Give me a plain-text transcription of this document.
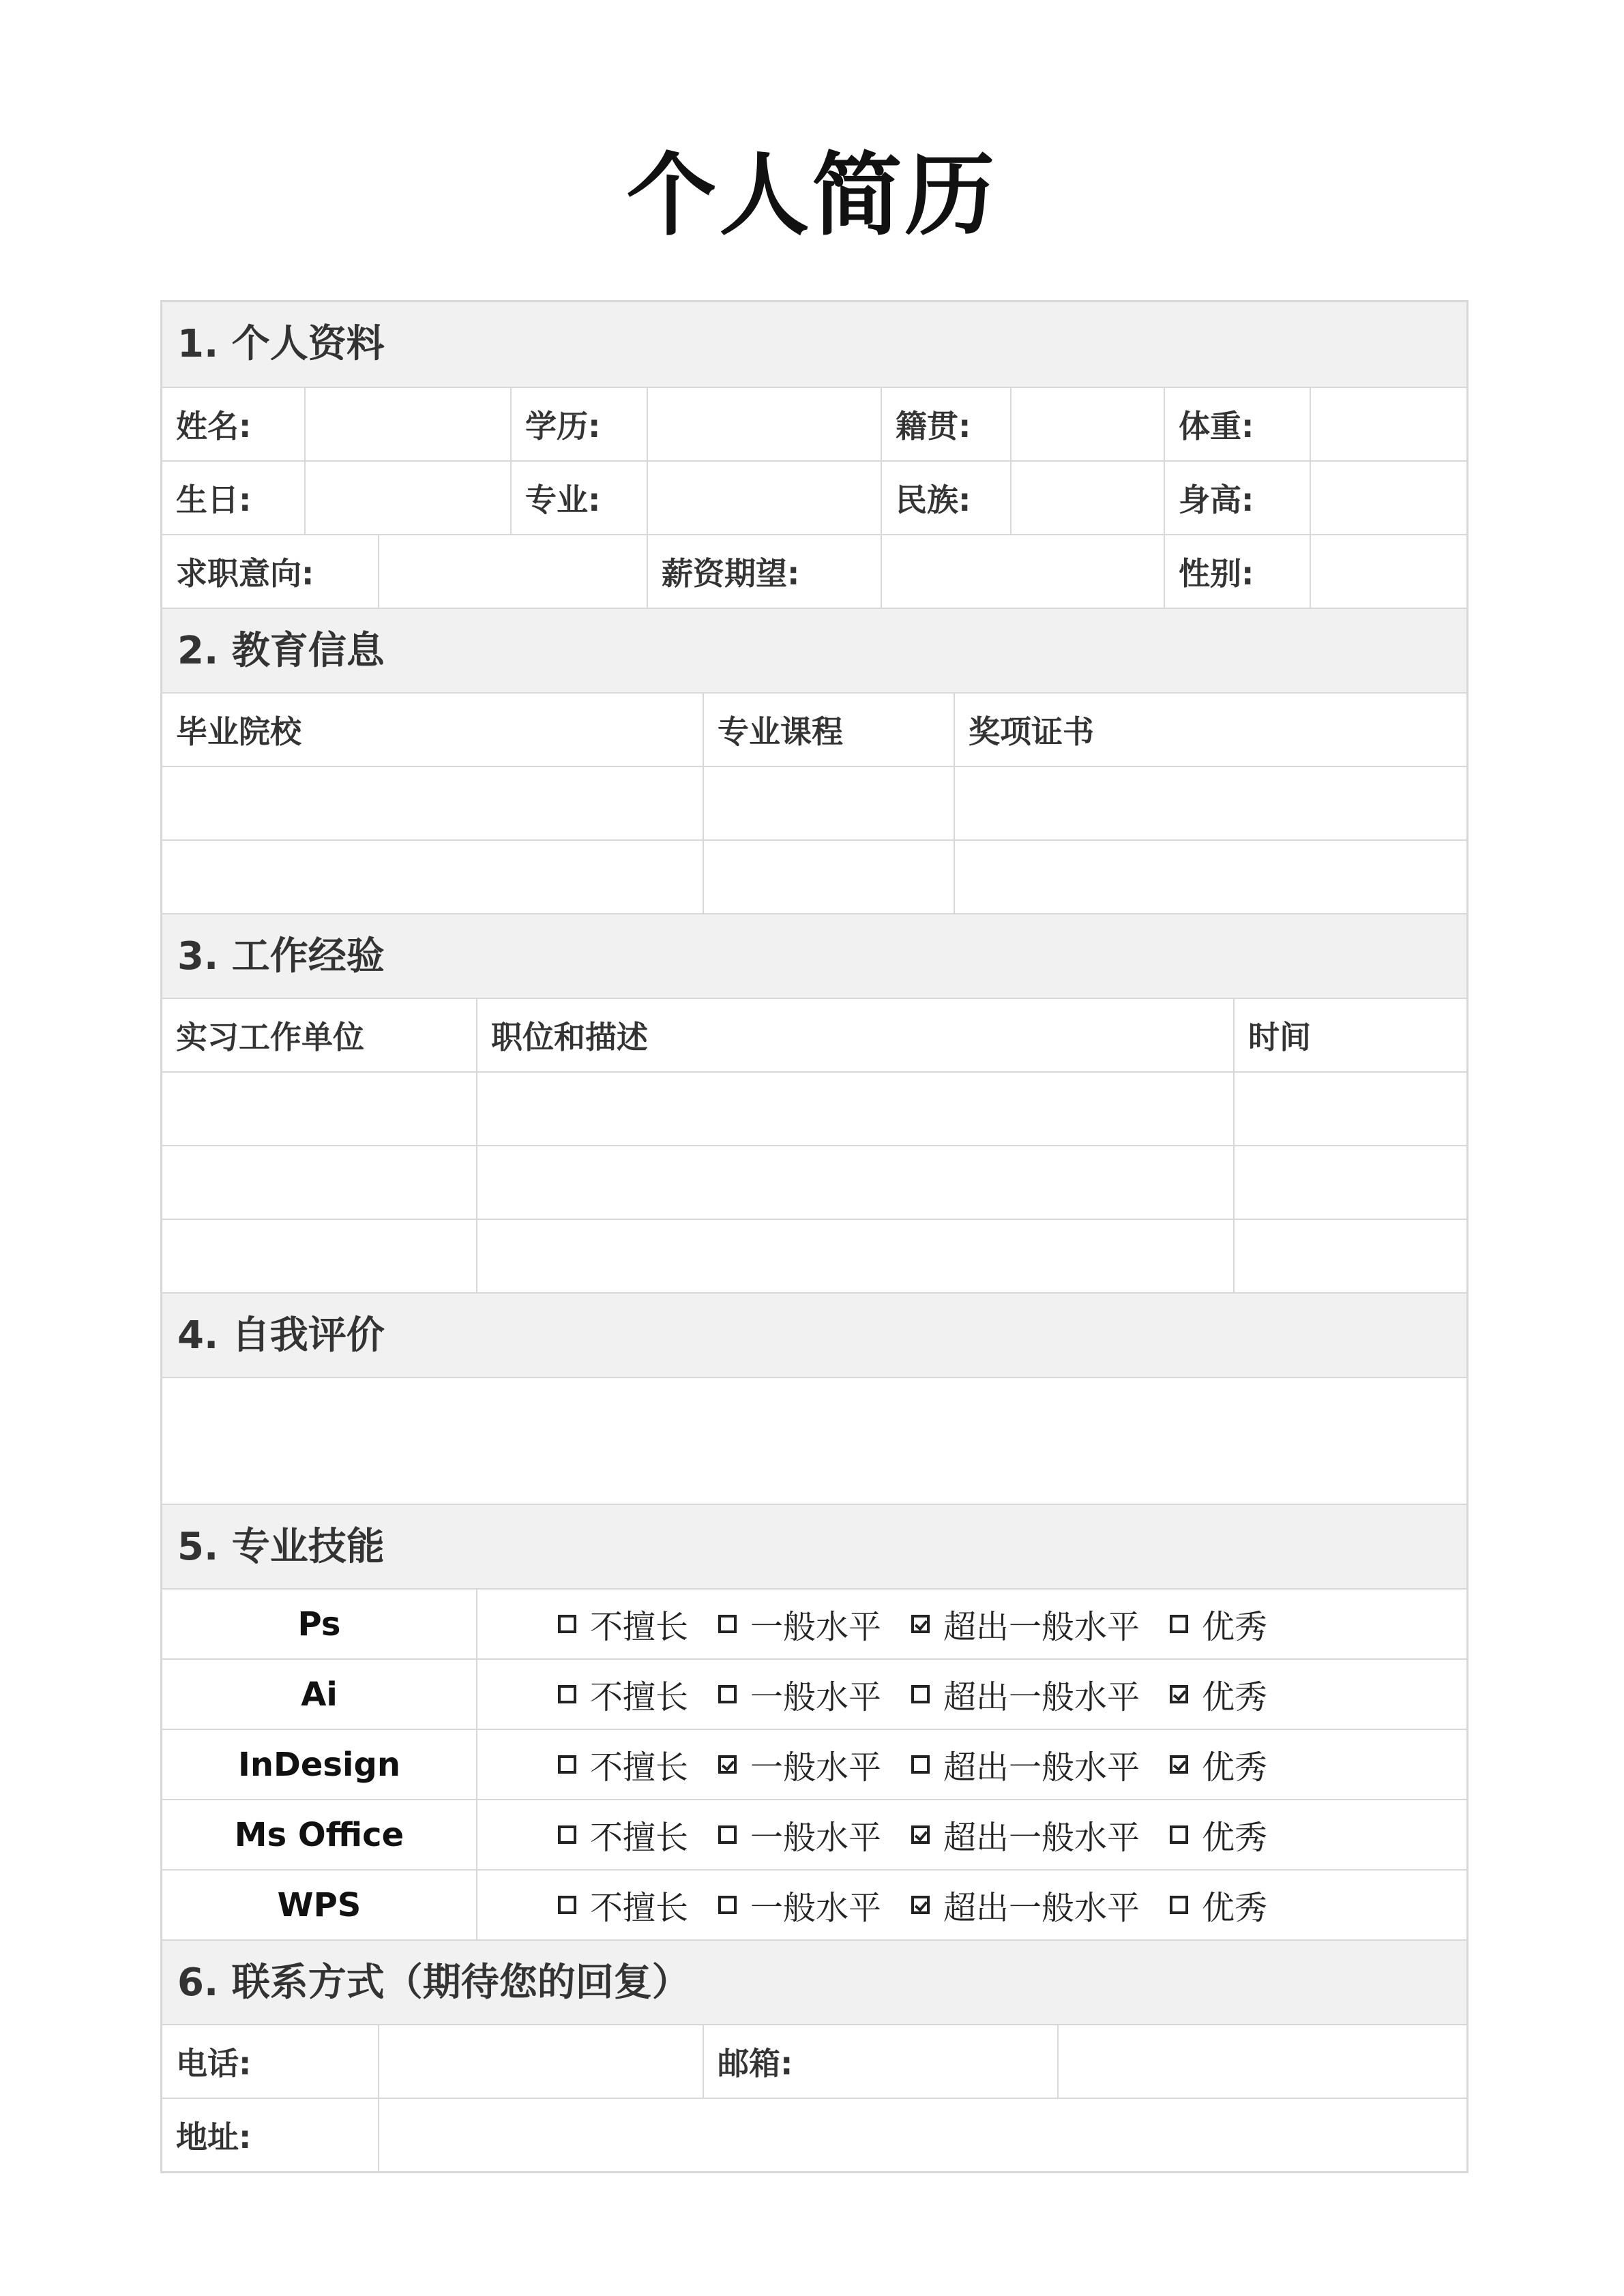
个人简历
1. 个人资料
姓名:	学历:	籍贯:	体重:
生日:	专业:	民族:	身高:
求职意向:	薪资期望:	性别:
2. 教育信息
毕业院校	专业课程	奖项证书
3. 工作经验
实习工作单位	职位和描述	时间
4. 自我评价
5. 专业技能
Ps	不擅长 一般水平 超出一般水平 优秀
Ai	不擅长 一般水平 超出一般水平 优秀
InDesign	不擅长 一般水平 超出一般水平 优秀
Ms Office	不擅长 一般水平 超出一般水平 优秀
WPS	不擅长 一般水平 超出一般水平 优秀
6. 联系方式（期待您的回复）
电话:	邮箱:
地址:
